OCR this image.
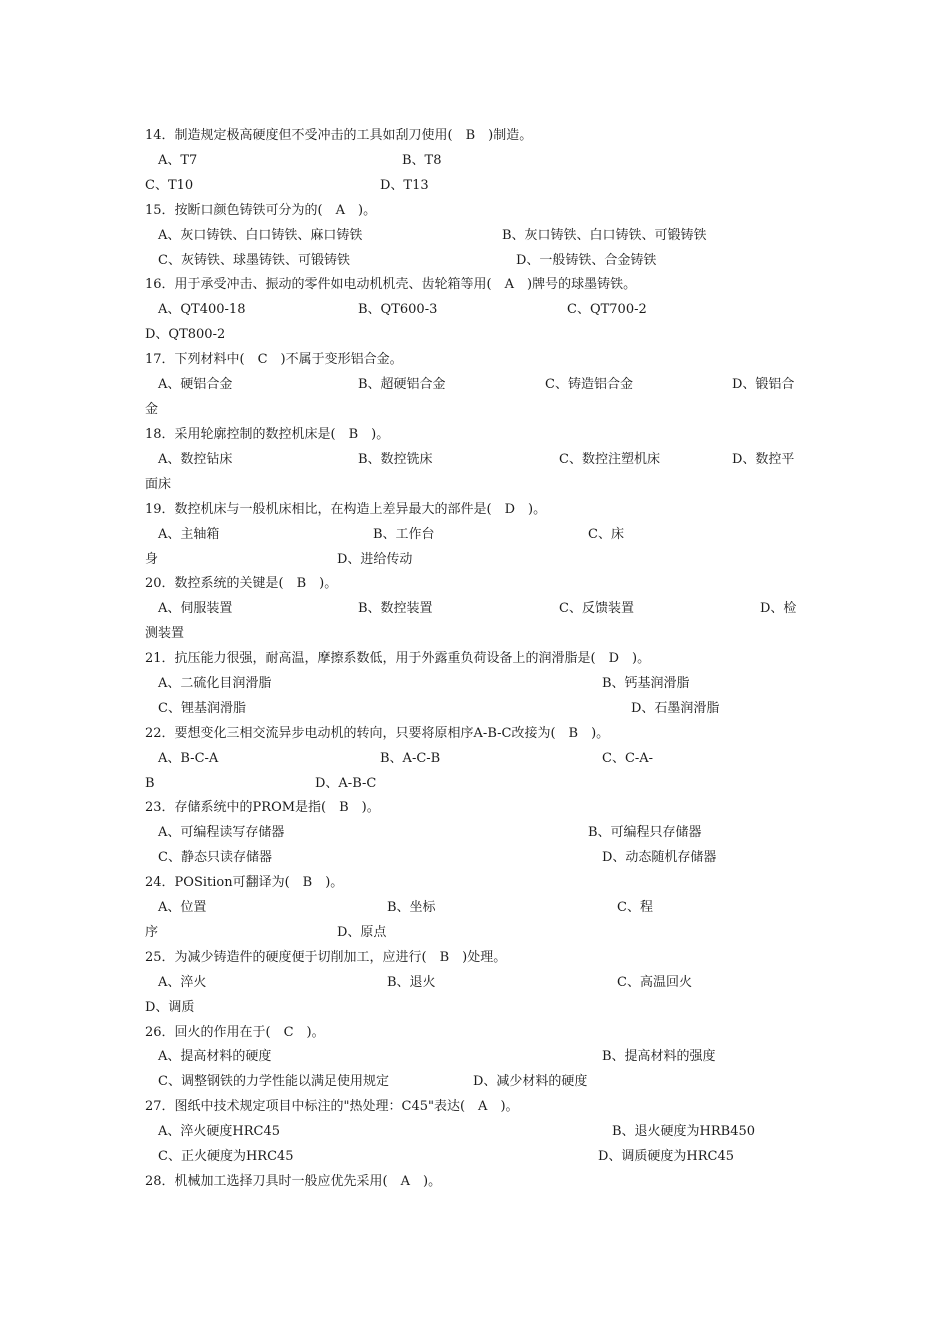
14．制造规定极高硬度但不受冲击的工具如刮刀使用(　B　)制造。
A、T7	B、T8
C、T10	D、T13
15．按断口颜色铸铁可分为的(　A　)。
A、灰口铸铁、白口铸铁、麻口铸铁	B、灰口铸铁、白口铸铁、可锻铸铁
C、灰铸铁、球墨铸铁、可锻铸铁	D、一般铸铁、合金铸铁
16．用于承受冲击、振动的零件如电动机机壳、齿轮箱等用(　A　)牌号的球墨铸铁。
A、QT400-18	B、QT600-3	C、QT700-2
D、QT800-2
17．下列材料中(　C　)不属于变形铝合金。
A、硬铝合金	B、超硬铝合金	C、铸造铝合金	D、锻铝合
金
18．采用轮廓控制的数控机床是(　B　)。
A、数控钻床	B、数控铣床	C、数控注塑机床	D、数控平
面床
19．数控机床与一般机床相比，在构造上差异最大的部件是(　D　)。
A、主轴箱	B、工作台	C、床
身	D、进给传动
20．数控系统的关键是(　B　)。
A、伺服装置	B、数控装置	C、反馈装置	D、检
测装置
21．抗压能力很强，耐高温，摩擦系数低，用于外露重负荷设备上的润滑脂是(　D　)。
A、二硫化目润滑脂	B、钙基润滑脂
C、锂基润滑脂	D、石墨润滑脂
22．要想变化三相交流异步电动机的转向，只要将原相序A-B-C改接为(　B　)。
A、B-C-A	B、A-C-B	C、C-A-
B	D、A-B-C
23．存储系统中的PROM是指(　B　)。
A、可编程读写存储器	B、可编程只存储器
C、静态只读存储器	D、动态随机存储器
24．POSition可翻译为(　B　)。
A、位置	B、坐标	C、程
序	D、原点
25．为减少铸造件的硬度便于切削加工，应进行(　B　)处理。
A、淬火	B、退火	C、高温回火
D、调质
26．回火的作用在于(　C　)。
A、提高材料的硬度	B、提高材料的强度
C、调整钢铁的力学性能以满足使用规定	D、减少材料的硬度
27．图纸中技术规定项目中标注的"热处理：C45"表达(　A　)。
A、淬火硬度HRC45	B、退火硬度为HRB450
C、正火硬度为HRC45	D、调质硬度为HRC45
28．机械加工选择刀具时一般应优先采用(　A　)。
